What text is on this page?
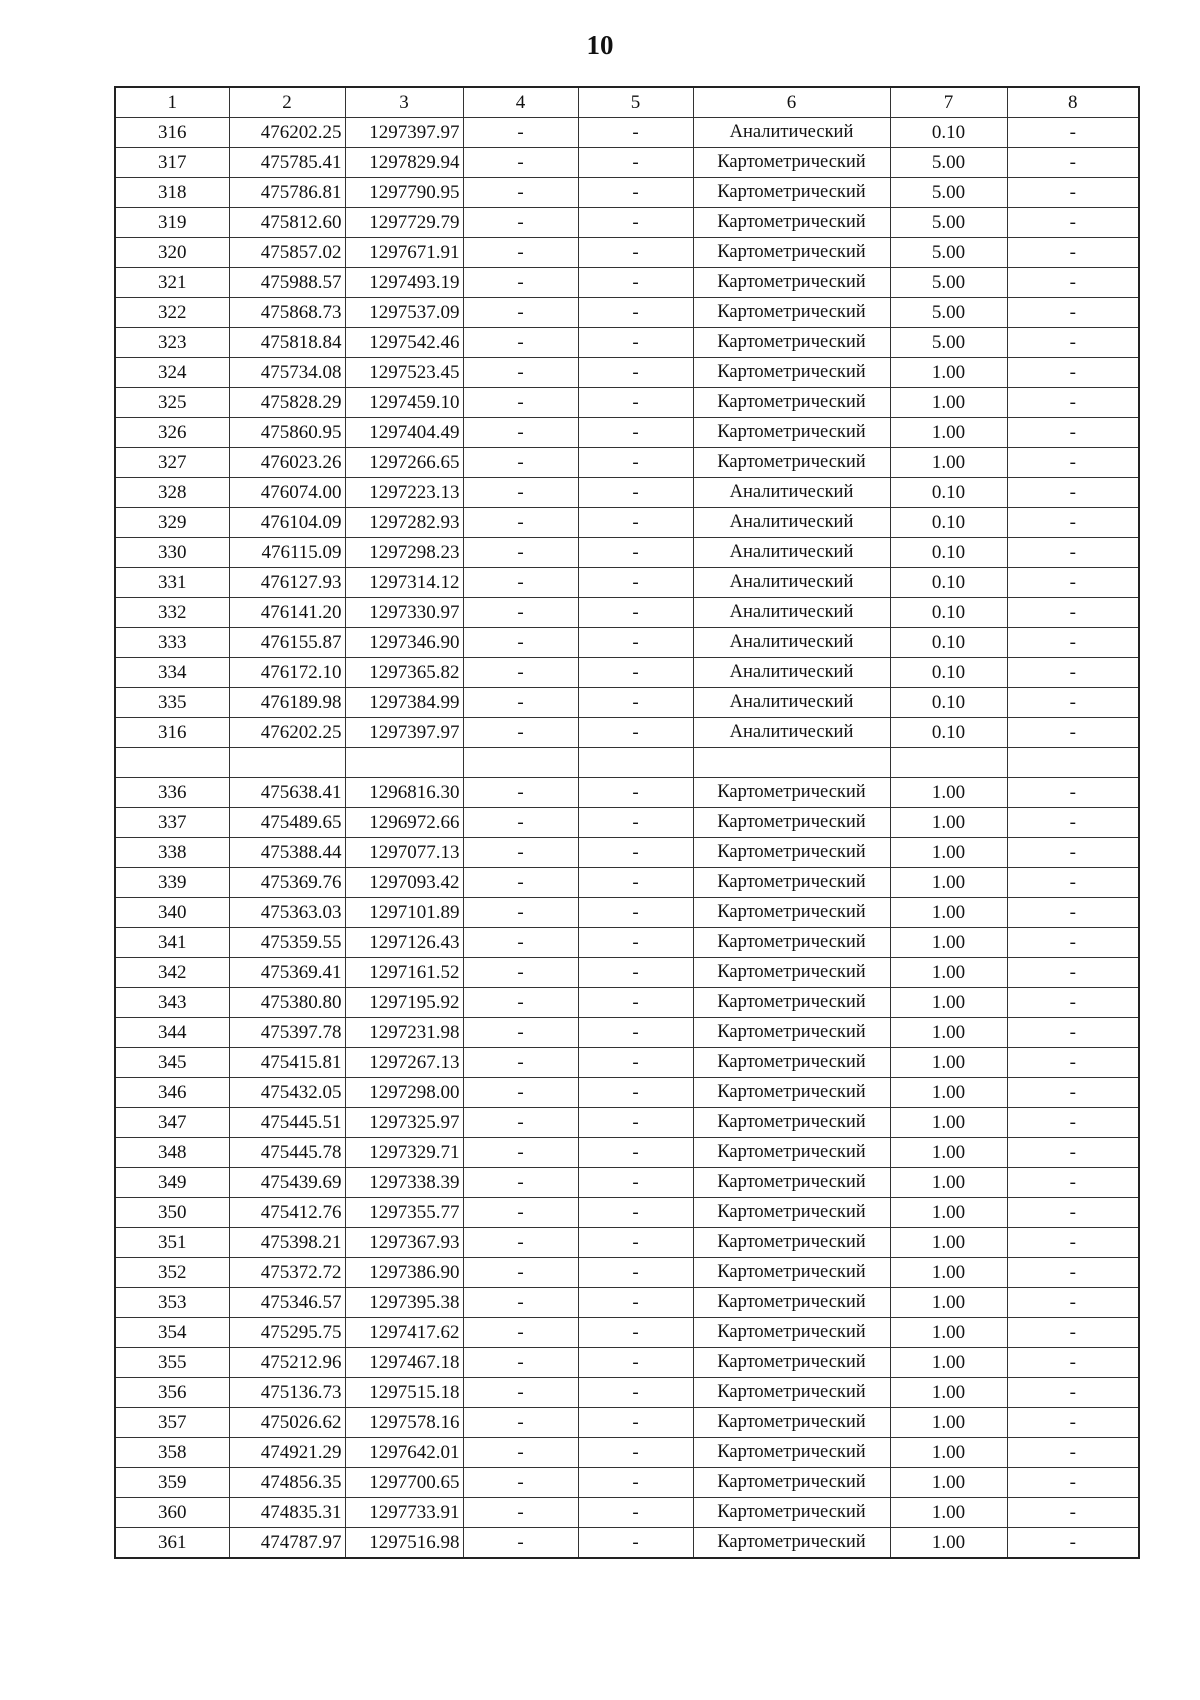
10
1	2	3	4	5	6	7	8
316	476202.25	1297397.97	-	-	Аналитический	0.10	-
317	475785.41	1297829.94	-	-	Картометрический	5.00	-
318	475786.81	1297790.95	-	-	Картометрический	5.00	-
319	475812.60	1297729.79	-	-	Картометрический	5.00	-
320	475857.02	1297671.91	-	-	Картометрический	5.00	-
321	475988.57	1297493.19	-	-	Картометрический	5.00	-
322	475868.73	1297537.09	-	-	Картометрический	5.00	-
323	475818.84	1297542.46	-	-	Картометрический	5.00	-
324	475734.08	1297523.45	-	-	Картометрический	1.00	-
325	475828.29	1297459.10	-	-	Картометрический	1.00	-
326	475860.95	1297404.49	-	-	Картометрический	1.00	-
327	476023.26	1297266.65	-	-	Картометрический	1.00	-
328	476074.00	1297223.13	-	-	Аналитический	0.10	-
329	476104.09	1297282.93	-	-	Аналитический	0.10	-
330	476115.09	1297298.23	-	-	Аналитический	0.10	-
331	476127.93	1297314.12	-	-	Аналитический	0.10	-
332	476141.20	1297330.97	-	-	Аналитический	0.10	-
333	476155.87	1297346.90	-	-	Аналитический	0.10	-
334	476172.10	1297365.82	-	-	Аналитический	0.10	-
335	476189.98	1297384.99	-	-	Аналитический	0.10	-
316	476202.25	1297397.97	-	-	Аналитический	0.10	-

336	475638.41	1296816.30	-	-	Картометрический	1.00	-
337	475489.65	1296972.66	-	-	Картометрический	1.00	-
338	475388.44	1297077.13	-	-	Картометрический	1.00	-
339	475369.76	1297093.42	-	-	Картометрический	1.00	-
340	475363.03	1297101.89	-	-	Картометрический	1.00	-
341	475359.55	1297126.43	-	-	Картометрический	1.00	-
342	475369.41	1297161.52	-	-	Картометрический	1.00	-
343	475380.80	1297195.92	-	-	Картометрический	1.00	-
344	475397.78	1297231.98	-	-	Картометрический	1.00	-
345	475415.81	1297267.13	-	-	Картометрический	1.00	-
346	475432.05	1297298.00	-	-	Картометрический	1.00	-
347	475445.51	1297325.97	-	-	Картометрический	1.00	-
348	475445.78	1297329.71	-	-	Картометрический	1.00	-
349	475439.69	1297338.39	-	-	Картометрический	1.00	-
350	475412.76	1297355.77	-	-	Картометрический	1.00	-
351	475398.21	1297367.93	-	-	Картометрический	1.00	-
352	475372.72	1297386.90	-	-	Картометрический	1.00	-
353	475346.57	1297395.38	-	-	Картометрический	1.00	-
354	475295.75	1297417.62	-	-	Картометрический	1.00	-
355	475212.96	1297467.18	-	-	Картометрический	1.00	-
356	475136.73	1297515.18	-	-	Картометрический	1.00	-
357	475026.62	1297578.16	-	-	Картометрический	1.00	-
358	474921.29	1297642.01	-	-	Картометрический	1.00	-
359	474856.35	1297700.65	-	-	Картометрический	1.00	-
360	474835.31	1297733.91	-	-	Картометрический	1.00	-
361	474787.97	1297516.98	-	-	Картометрический	1.00	-
